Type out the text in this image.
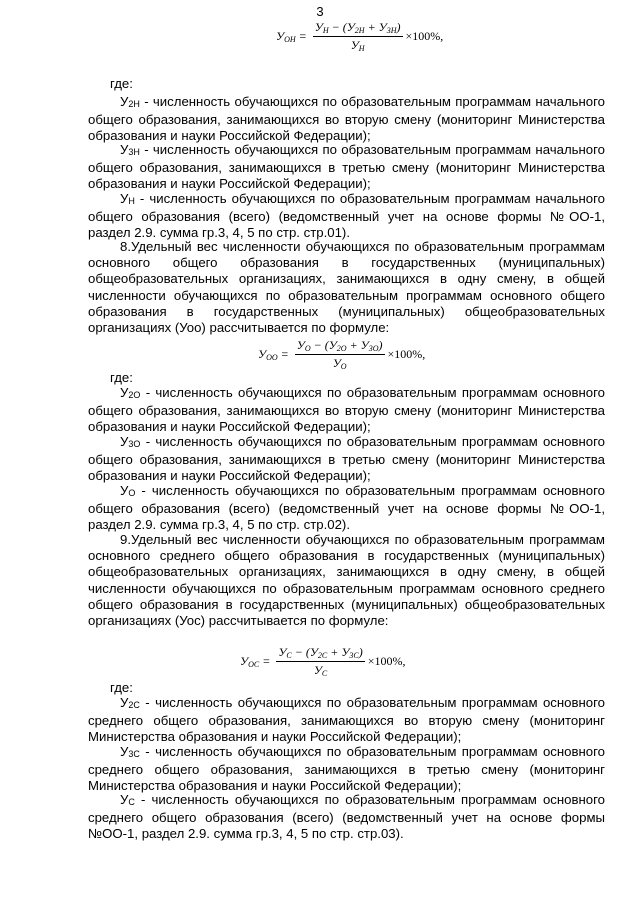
3
УОН = $\frac{УН - (У2Н + У3Н)}{УН} \times 100\%$,
где:
У2Н - численность обучающихся по образовательным программам начального общего образования, занимающихся во вторую смену (мониторинг Министерства образования и науки Российской Федерации);
У3Н - численность обучающихся по образовательным программам начального общего образования, занимающихся в третью смену (мониторинг Министерства образования и науки Российской Федерации);
УН - численность обучающихся по образовательным программам начального общего образования (всего) (ведомственный учет на основе формы №ОО-1, раздел 2.9. сумма гр.3, 4, 5 по стр. стр.01).
8.Удельный вес численности обучающихся по образовательным программам основного общего образования в государственных (муниципальных) общеобразовательных организациях, занимающихся в одну смену, в общей численности обучающихся по образовательным программам основного общего образования в государственных (муниципальных) общеобразовательных организациях (Уоо) рассчитывается по формуле:
УОО = $\frac{УО - (У2О + У3О)}{УО} \times 100\%$,
где:
У2О - численность обучающихся по образовательным программам основного общего образования, занимающихся во вторую смену (мониторинг Министерства образования и науки Российской Федерации);
У3О - численность обучающихся по образовательным программам основного общего образования, занимающихся в третью смену (мониторинг Министерства образования и науки Российской Федерации);
УО - численность обучающихся по образовательным программам основного общего образования (всего) (ведомственный учет на основе формы №ОО-1, раздел 2.9. сумма гр.3, 4, 5 по стр. стр.02).
9.Удельный вес численности обучающихся по образовательным программам основного среднего общего образования в государственных (муниципальных) общеобразовательных организациях, занимающихся в одну смену, в общей численности обучающихся по образовательным программам основного среднего общего образования в государственных (муниципальных) общеобразовательных организациях (Уос) рассчитывается по формуле:
УОС = $\frac{УС - (У2С + У3С)}{УС} \times 100\%$,
где:
У2С - численность обучающихся по образовательным программам основного среднего общего образования, занимающихся во вторую смену (мониторинг Министерства образования и науки Российской Федерации);
У3С - численность обучающихся по образовательным программам основного среднего общего образования, занимающихся в третью смену (мониторинг Министерства образования и науки Российской Федерации);
УС - численность обучающихся по образовательным программам основного среднего общего образования (всего) (ведомственный учет на основе формы №ОО-1, раздел 2.9. сумма гр.3, 4, 5 по стр. стр.03).
